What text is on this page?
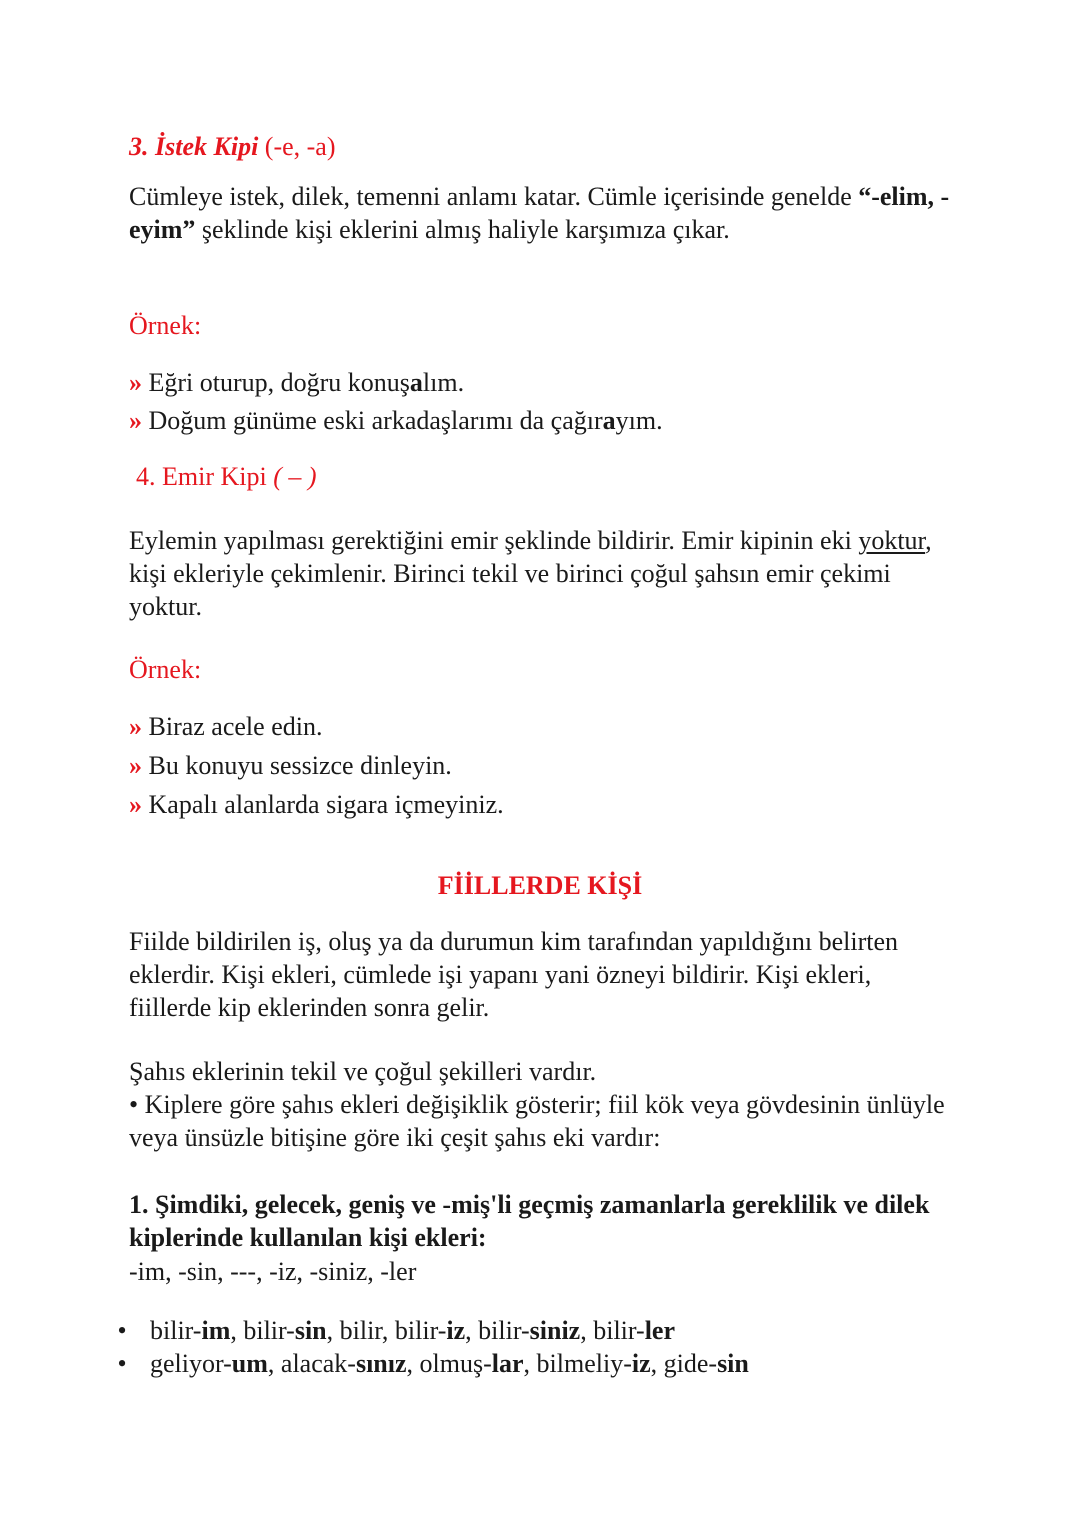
3. İstek Kipi (-e, -a)
Cümleye istek, dilek, temenni anlamı katar. Cümle içerisinde genelde “-elim, -eyim” şeklinde kişi eklerini almış haliyle karşımıza çıkar.
Örnek:
» Eğri oturup, doğru konuşalım.
» Doğum günüme eski arkadaşlarımı da çağırayım.
4. Emir Kipi ( – )
Eylemin yapılması gerektiğini emir şeklinde bildirir. Emir kipinin eki yoktur, kişi ekleriyle çekimlenir. Birinci tekil ve birinci çoğul şahsın emir çekimi yoktur.
Örnek:
» Biraz acele edin.
» Bu konuyu sessizce dinleyin.
» Kapalı alanlarda sigara içmeyiniz.
FİİLLERDE KİŞİ
Fiilde bildirilen iş, oluş ya da durumun kim tarafından yapıldığını belirten eklerdir. Kişi ekleri, cümlede işi yapanı yani özneyi bildirir. Kişi ekleri, fiillerde kip eklerinden sonra gelir.
Şahıs eklerinin tekil ve çoğul şekilleri vardır.
• Kiplere göre şahıs ekleri değişiklik gösterir; fiil kök veya gövdesinin ünlüyle veya ünsüzle bitişine göre iki çeşit şahıs eki vardır:
1. Şimdiki, gelecek, geniş ve -miş'li geçmiş zamanlarla gereklilik ve dilek kiplerinde kullanılan kişi ekleri:
-im, -sin, ---, -iz, -siniz, -ler
• bilir-im, bilir-sin, bilir, bilir-iz, bilir-siniz, bilir-ler
• geliyor-um, alacak-sınız, olmuş-lar, bilmeliy-iz, gide-sin
